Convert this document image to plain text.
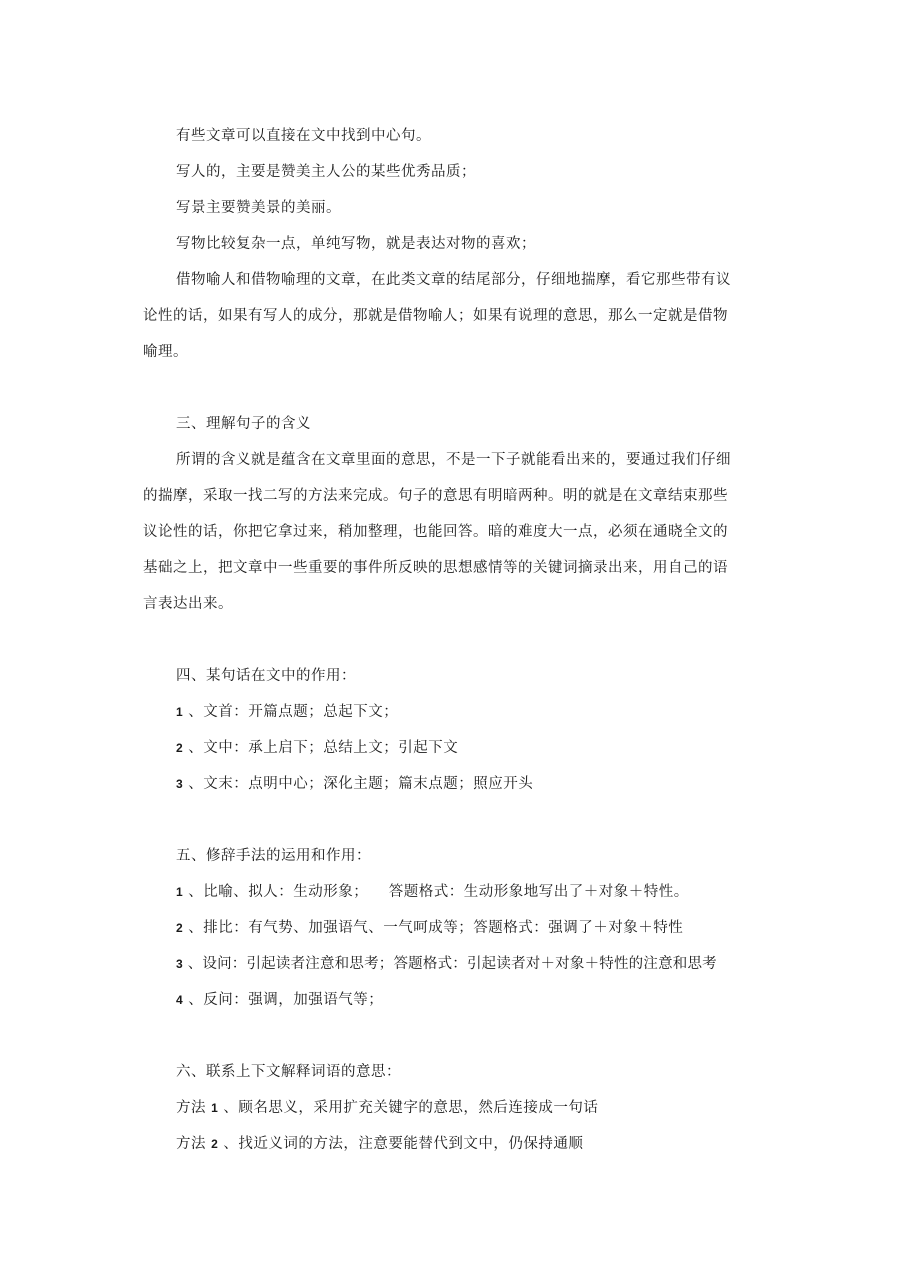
有些文章可以直接在文中找到中心句。
写人的，主要是赞美主人公的某些优秀品质；
写景主要赞美景的美丽。
写物比较复杂一点，单纯写物，就是表达对物的喜欢；
借物喻人和借物喻理的文章，在此类文章的结尾部分，仔细地揣摩，看它那些带有议
论性的话，如果有写人的成分，那就是借物喻人；如果有说理的意思，那么一定就是借物
喻理。
三、理解句子的含义
所谓的含义就是蕴含在文章里面的意思，不是一下子就能看出来的，要通过我们仔细
的揣摩，采取一找二写的方法来完成。句子的意思有明暗两种。明的就是在文章结束那些
议论性的话，你把它拿过来，稍加整理，也能回答。暗的难度大一点，必须在通晓全文的
基础之上，把文章中一些重要的事件所反映的思想感情等的关键词摘录出来，用自己的语
言表达出来。
四、某句话在文中的作用：
1 、文首：开篇点题；总起下文；
2 、文中：承上启下；总结上文；引起下文
3 、文末：点明中心；深化主题；篇末点题；照应开头
五、修辞手法的运用和作用：
1 、比喻、拟人：生动形象；    答题格式：生动形象地写出了＋对象＋特性。
2 、排比：有气势、加强语气、一气呵成等；答题格式：强调了＋对象＋特性
3 、设问：引起读者注意和思考；答题格式：引起读者对＋对象＋特性的注意和思考
4 、反问：强调，加强语气等；
六、联系上下文解释词语的意思：
方法 1 、顾名思义，采用扩充关键字的意思，然后连接成一句话
方法 2 、找近义词的方法，注意要能替代到文中，仍保持通顺
